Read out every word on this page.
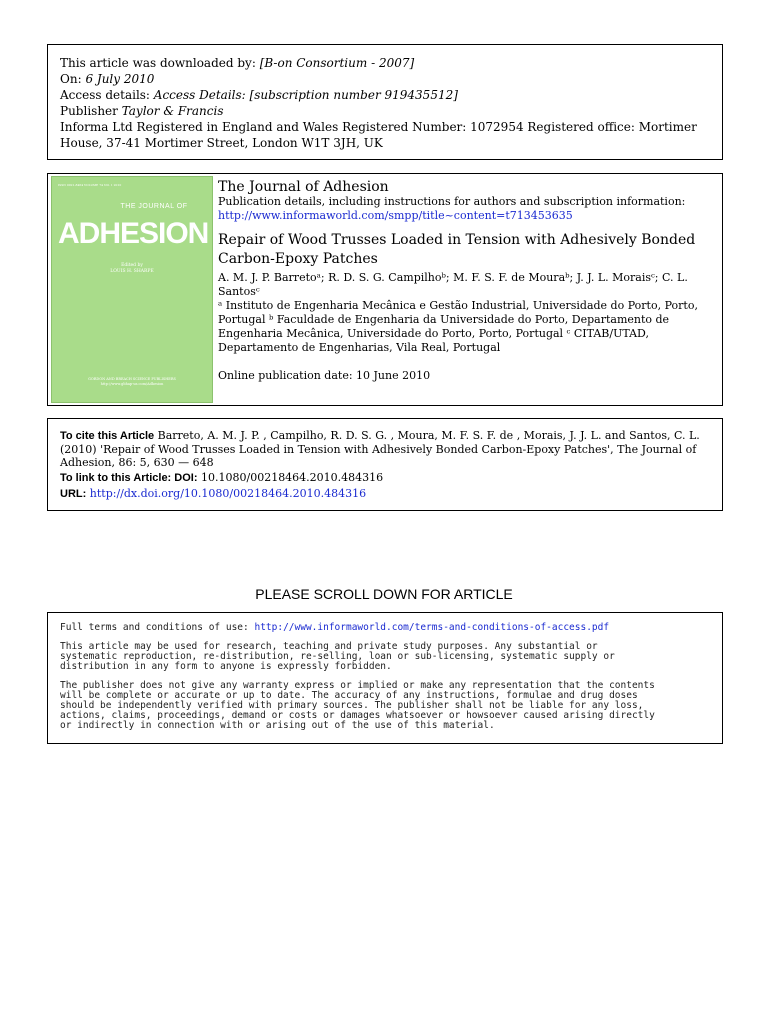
This article was downloaded by: [B-on Consortium - 2007]
On: 6 July 2010
Access details: Access Details: [subscription number 919435512]
Publisher Taylor & Francis
Informa Ltd Registered in England and Wales Registered Number: 1072954 Registered office: Mortimer House, 37-41 Mortimer Street, London W1T 3JH, UK
ISSN 0021-8464 VOLUME 74 NO. 1 2010
THE JOURNAL OF
ADHESION
Edited by
LOUIS H. SHARPE
GORDON AND BREACH SCIENCE PUBLISHERS
http://www.gbhap-us.com/Adhesion
The Journal of Adhesion
Publication details, including instructions for authors and subscription information:
http://www.informaworld.com/smpp/title~content=t713453635
Repair of Wood Trusses Loaded in Tension with Adhesively Bonded Carbon-Epoxy Patches
A. M. J. P. Barretoᵃ; R. D. S. G. Campilhoᵇ; M. F. S. F. de Mouraᵇ; J. J. L. Moraisᶜ; C. L. Santosᶜ
ᵃ Instituto de Engenharia Mecânica e Gestão Industrial, Universidade do Porto, Porto, Portugal ᵇ Faculdade de Engenharia da Universidade do Porto, Departamento de Engenharia Mecânica, Universidade do Porto, Porto, Portugal ᶜ CITAB/UTAD, Departamento de Engenharias, Vila Real, Portugal
Online publication date: 10 June 2010
To cite this Article Barreto, A. M. J. P. , Campilho, R. D. S. G. , Moura, M. F. S. F. de , Morais, J. J. L. and Santos, C. L.(2010) 'Repair of Wood Trusses Loaded in Tension with Adhesively Bonded Carbon-Epoxy Patches', The Journal of Adhesion, 86: 5, 630 — 648
To link to this Article: DOI: 10.1080/00218464.2010.484316
URL: http://dx.doi.org/10.1080/00218464.2010.484316
PLEASE SCROLL DOWN FOR ARTICLE

Full terms and conditions of use: http://www.informaworld.com/terms-and-conditions-of-access.pdf

This article may be used for research, teaching and private study purposes. Any substantial or
systematic reproduction, re-distribution, re-selling, loan or sub-licensing, systematic supply or
distribution in any form to anyone is expressly forbidden.

The publisher does not give any warranty express or implied or make any representation that the contents
will be complete or accurate or up to date. The accuracy of any instructions, formulae and drug doses
should be independently verified with primary sources. The publisher shall not be liable for any loss,
actions, claims, proceedings, demand or costs or damages whatsoever or howsoever caused arising directly
or indirectly in connection with or arising out of the use of this material.
